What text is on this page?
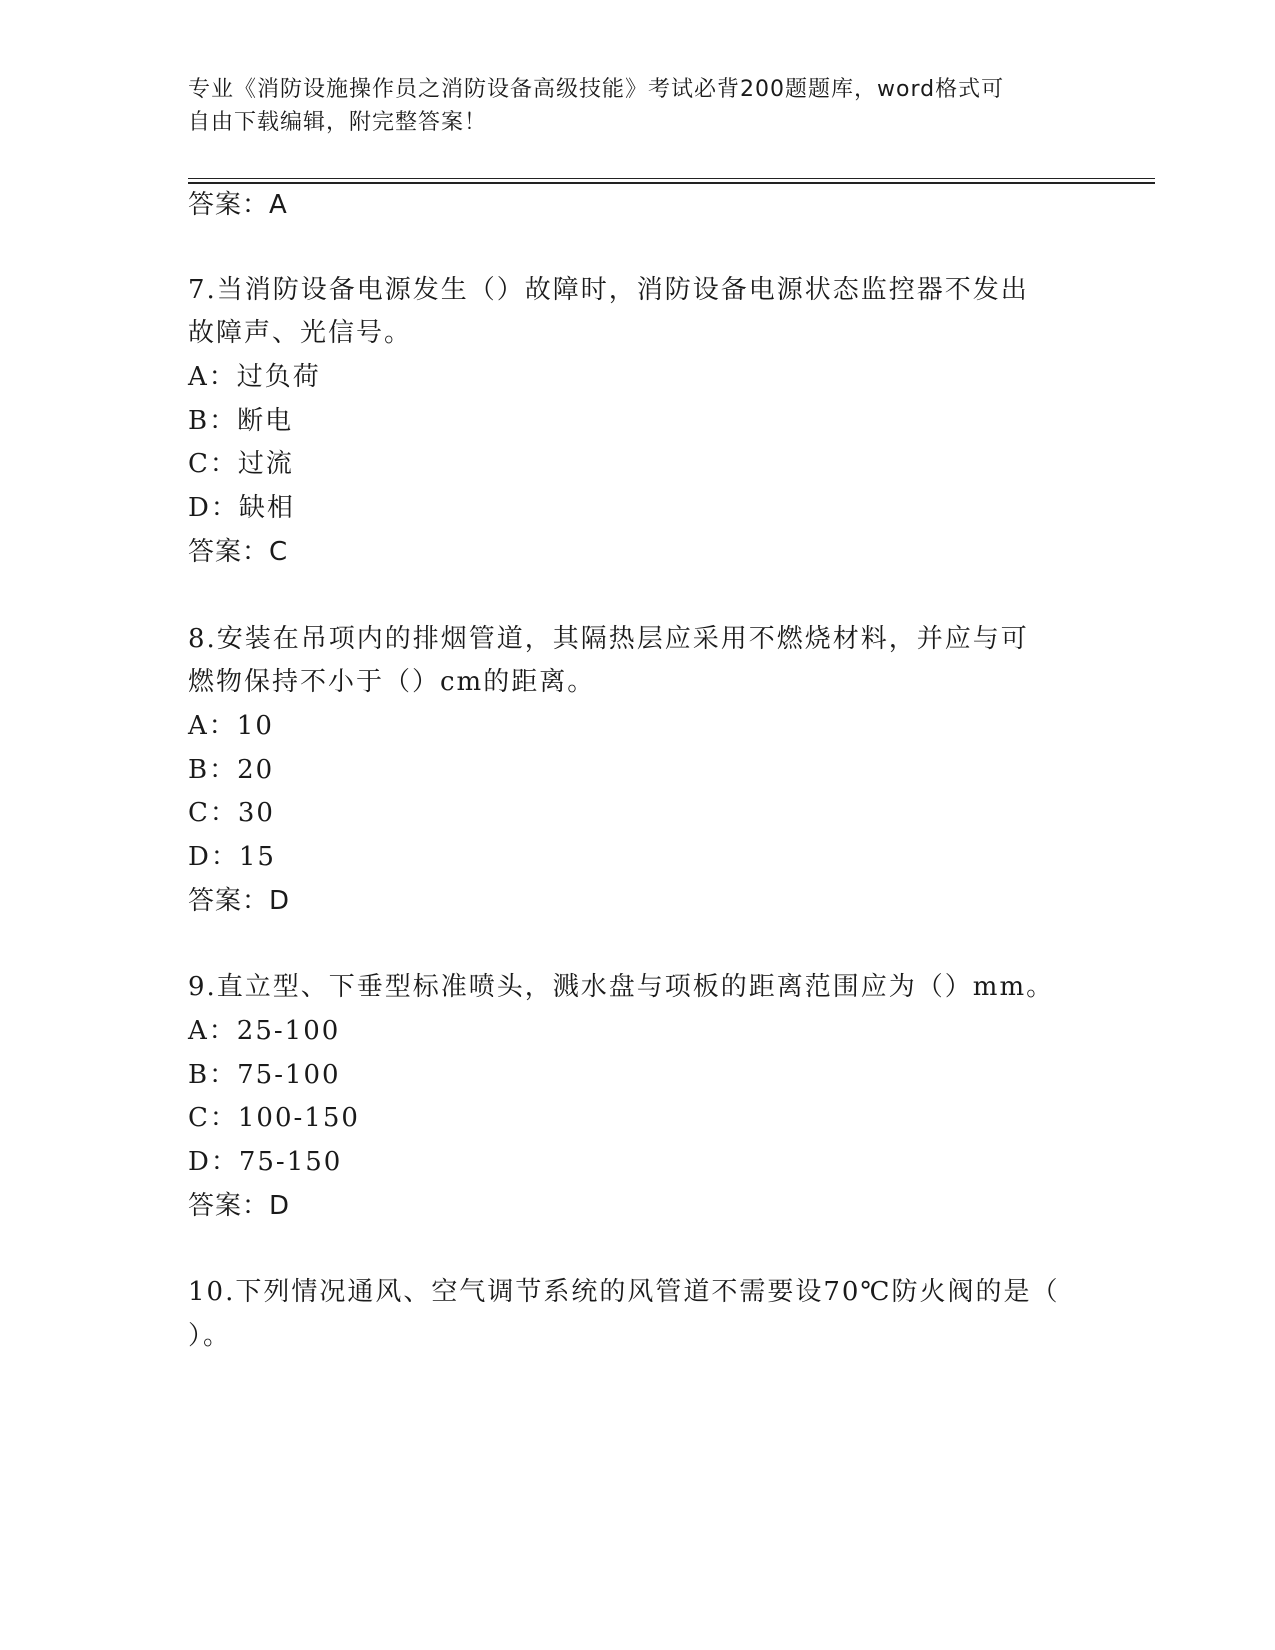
专业《消防设施操作员之消防设备高级技能》考试必背200题题库，word格式可
自由下载编辑，附完整答案！
答案：A
7.当消防设备电源发生（）故障时，消防设备电源状态监控器不发出
故障声、光信号。
A：过负荷
B：断电
C：过流
D：缺相
答案：C
8.安装在吊项内的排烟管道，其隔热层应采用不燃烧材料，并应与可
燃物保持不小于（）cm的距离。
A：10
B：20
C：30
D：15
答案：D
9.直立型、下垂型标准喷头，溅水盘与项板的距离范围应为（）mm。
A：25-100
B：75-100
C：100-150
D：75-150
答案：D
10.下列情况通风、空气调节系统的风管道不需要设70℃防火阀的是（
）。
